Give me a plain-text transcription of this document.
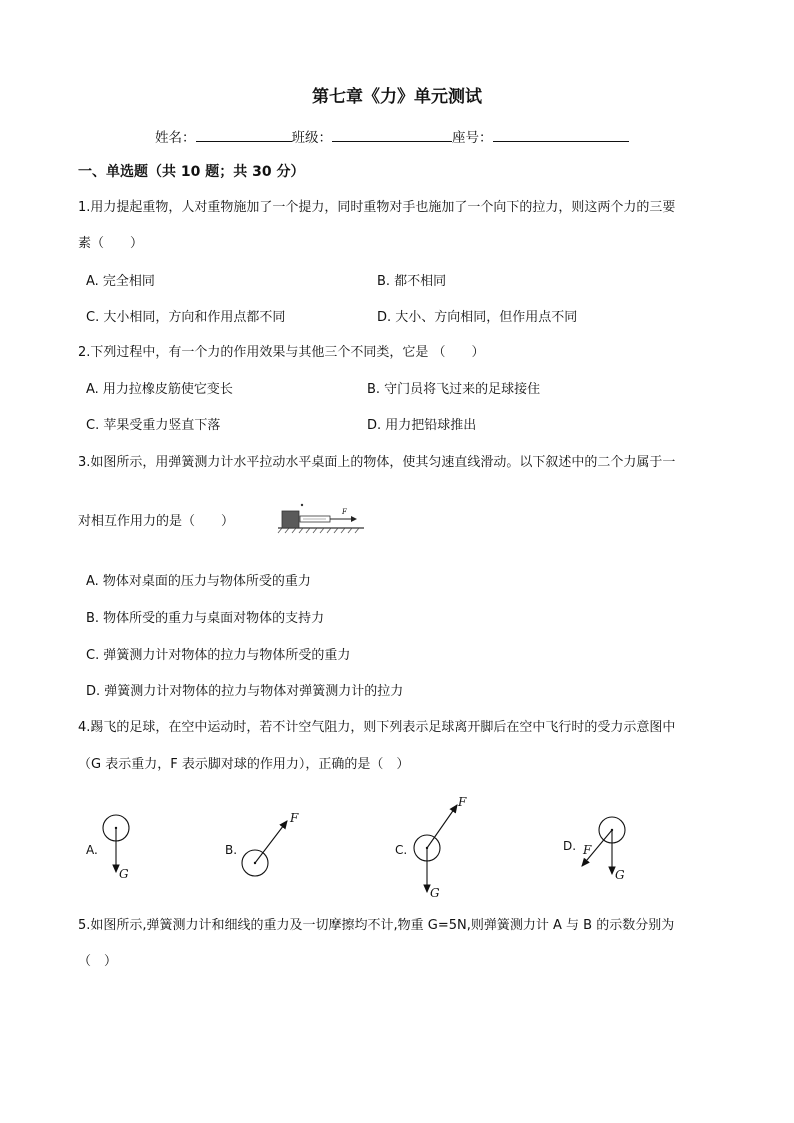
第七章《力》单元测试
姓名：	班级：	座号：
一、单选题（共 10 题；共 30 分）
1.用力提起重物，人对重物施加了一个提力，同时重物对手也施加了一个向下的拉力，则这两个力的三要
素（　　）
A. 完全相同	B. 都不相同
C. 大小相同，方向和作用点都不同	D. 大小、方向相同，但作用点不同
2.下列过程中，有一个力的作用效果与其他三个不同类，它是 （　　）
A. 用力拉橡皮筋使它变长	B. 守门员将飞过来的足球接住
C. 苹果受重力竖直下落	D. 用力把铅球推出
3.如图所示，用弹簧测力计水平拉动水平桌面上的物体，使其匀速直线滑动。以下叙述中的二个力属于一
对相互作用力的是（　　）
F
A. 物体对桌面的压力与物体所受的重力
B. 物体所受的重力与桌面对物体的支持力
C. 弹簧测力计对物体的拉力与物体所受的重力
D. 弹簧测力计对物体的拉力与物体对弹簧测力计的拉力
4.踢飞的足球，在空中运动时，若不计空气阻力，则下列表示足球离开脚后在空中飞行时的受力示意图中
（G 表示重力，F 表示脚对球的作用力），正确的是（　）
A.
G
B.
F
C.
F
G
D.
G
F
5.如图所示,弹簧测力计和细线的重力及一切摩擦均不计,物重 G=5N,则弹簧测力计 A 与 B 的示数分别为
（　）
